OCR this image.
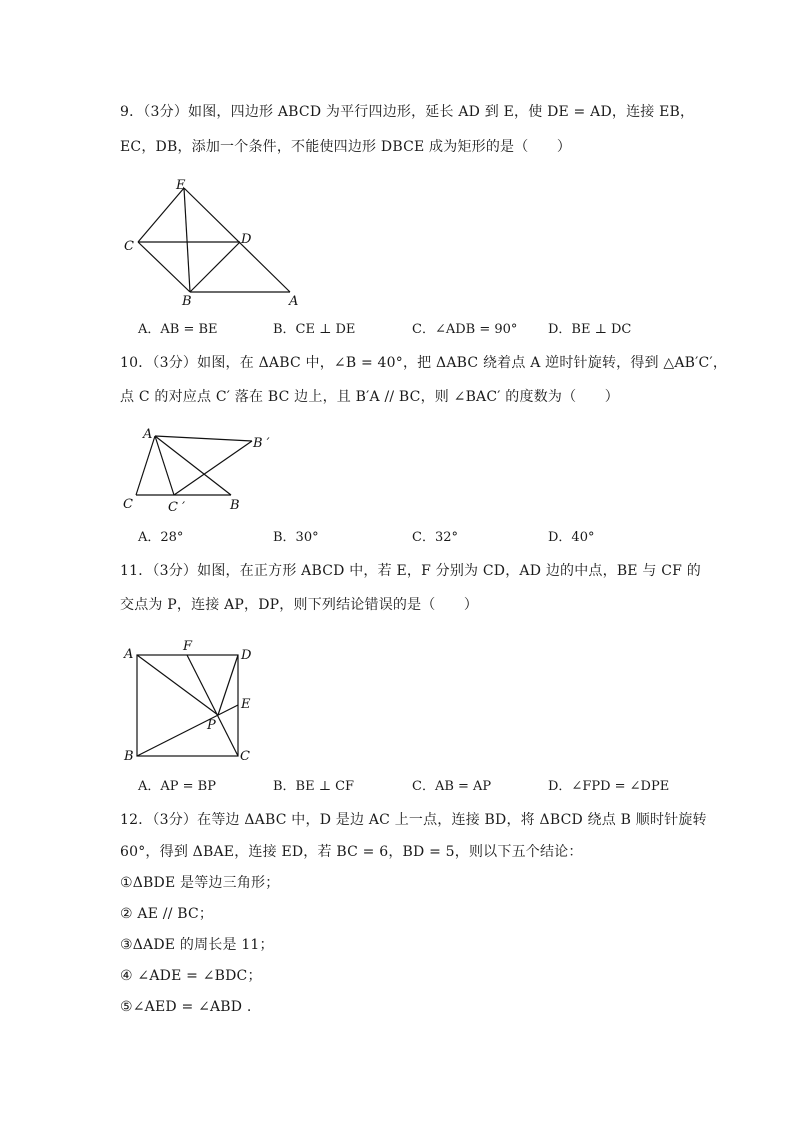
9．（3分）如图，四边形 ABCD 为平行四边形，延长 AD 到 E，使 DE = AD，连接 EB，
EC，DB，添加一个条件，不能使四边形 DBCE 成为矩形的是（　　）
E
C	D
B	A
A
B ′
C	C ′	B
A
F
D
E
P
B	C
A．AB = BE	B．CE ⊥ DE	C．∠ADB = 90° D．BE ⊥ DC
10．（3分）如图，在 ΔABC 中，∠B = 40°，把 ΔABC 绕着点 A 逆时针旋转，得到 △AB′C′，
点 C 的对应点 C′ 落在 BC 边上，且 B′A // BC，则 ∠BAC′ 的度数为（　　）
A．28°	B．30°	C．32°	D．40°
11．（3分）如图，在正方形 ABCD 中，若 E，F 分别为 CD，AD 边的中点，BE 与 CF 的
交点为 P，连接 AP，DP，则下列结论错误的是（　　）
A．AP = BP	B．BE ⊥ CF	C．AB = AP	D．∠FPD = ∠DPE
12．（3分）在等边 ΔABC 中，D 是边 AC 上一点，连接 BD，将 ΔBCD 绕点 B 顺时针旋转
60°，得到 ΔBAE，连接 ED，若 BC = 6，BD = 5，则以下五个结论：
①ΔBDE 是等边三角形；
② AE // BC；
③ΔADE 的周长是 11；
④ ∠ADE = ∠BDC；
⑤∠AED = ∠ABD .
